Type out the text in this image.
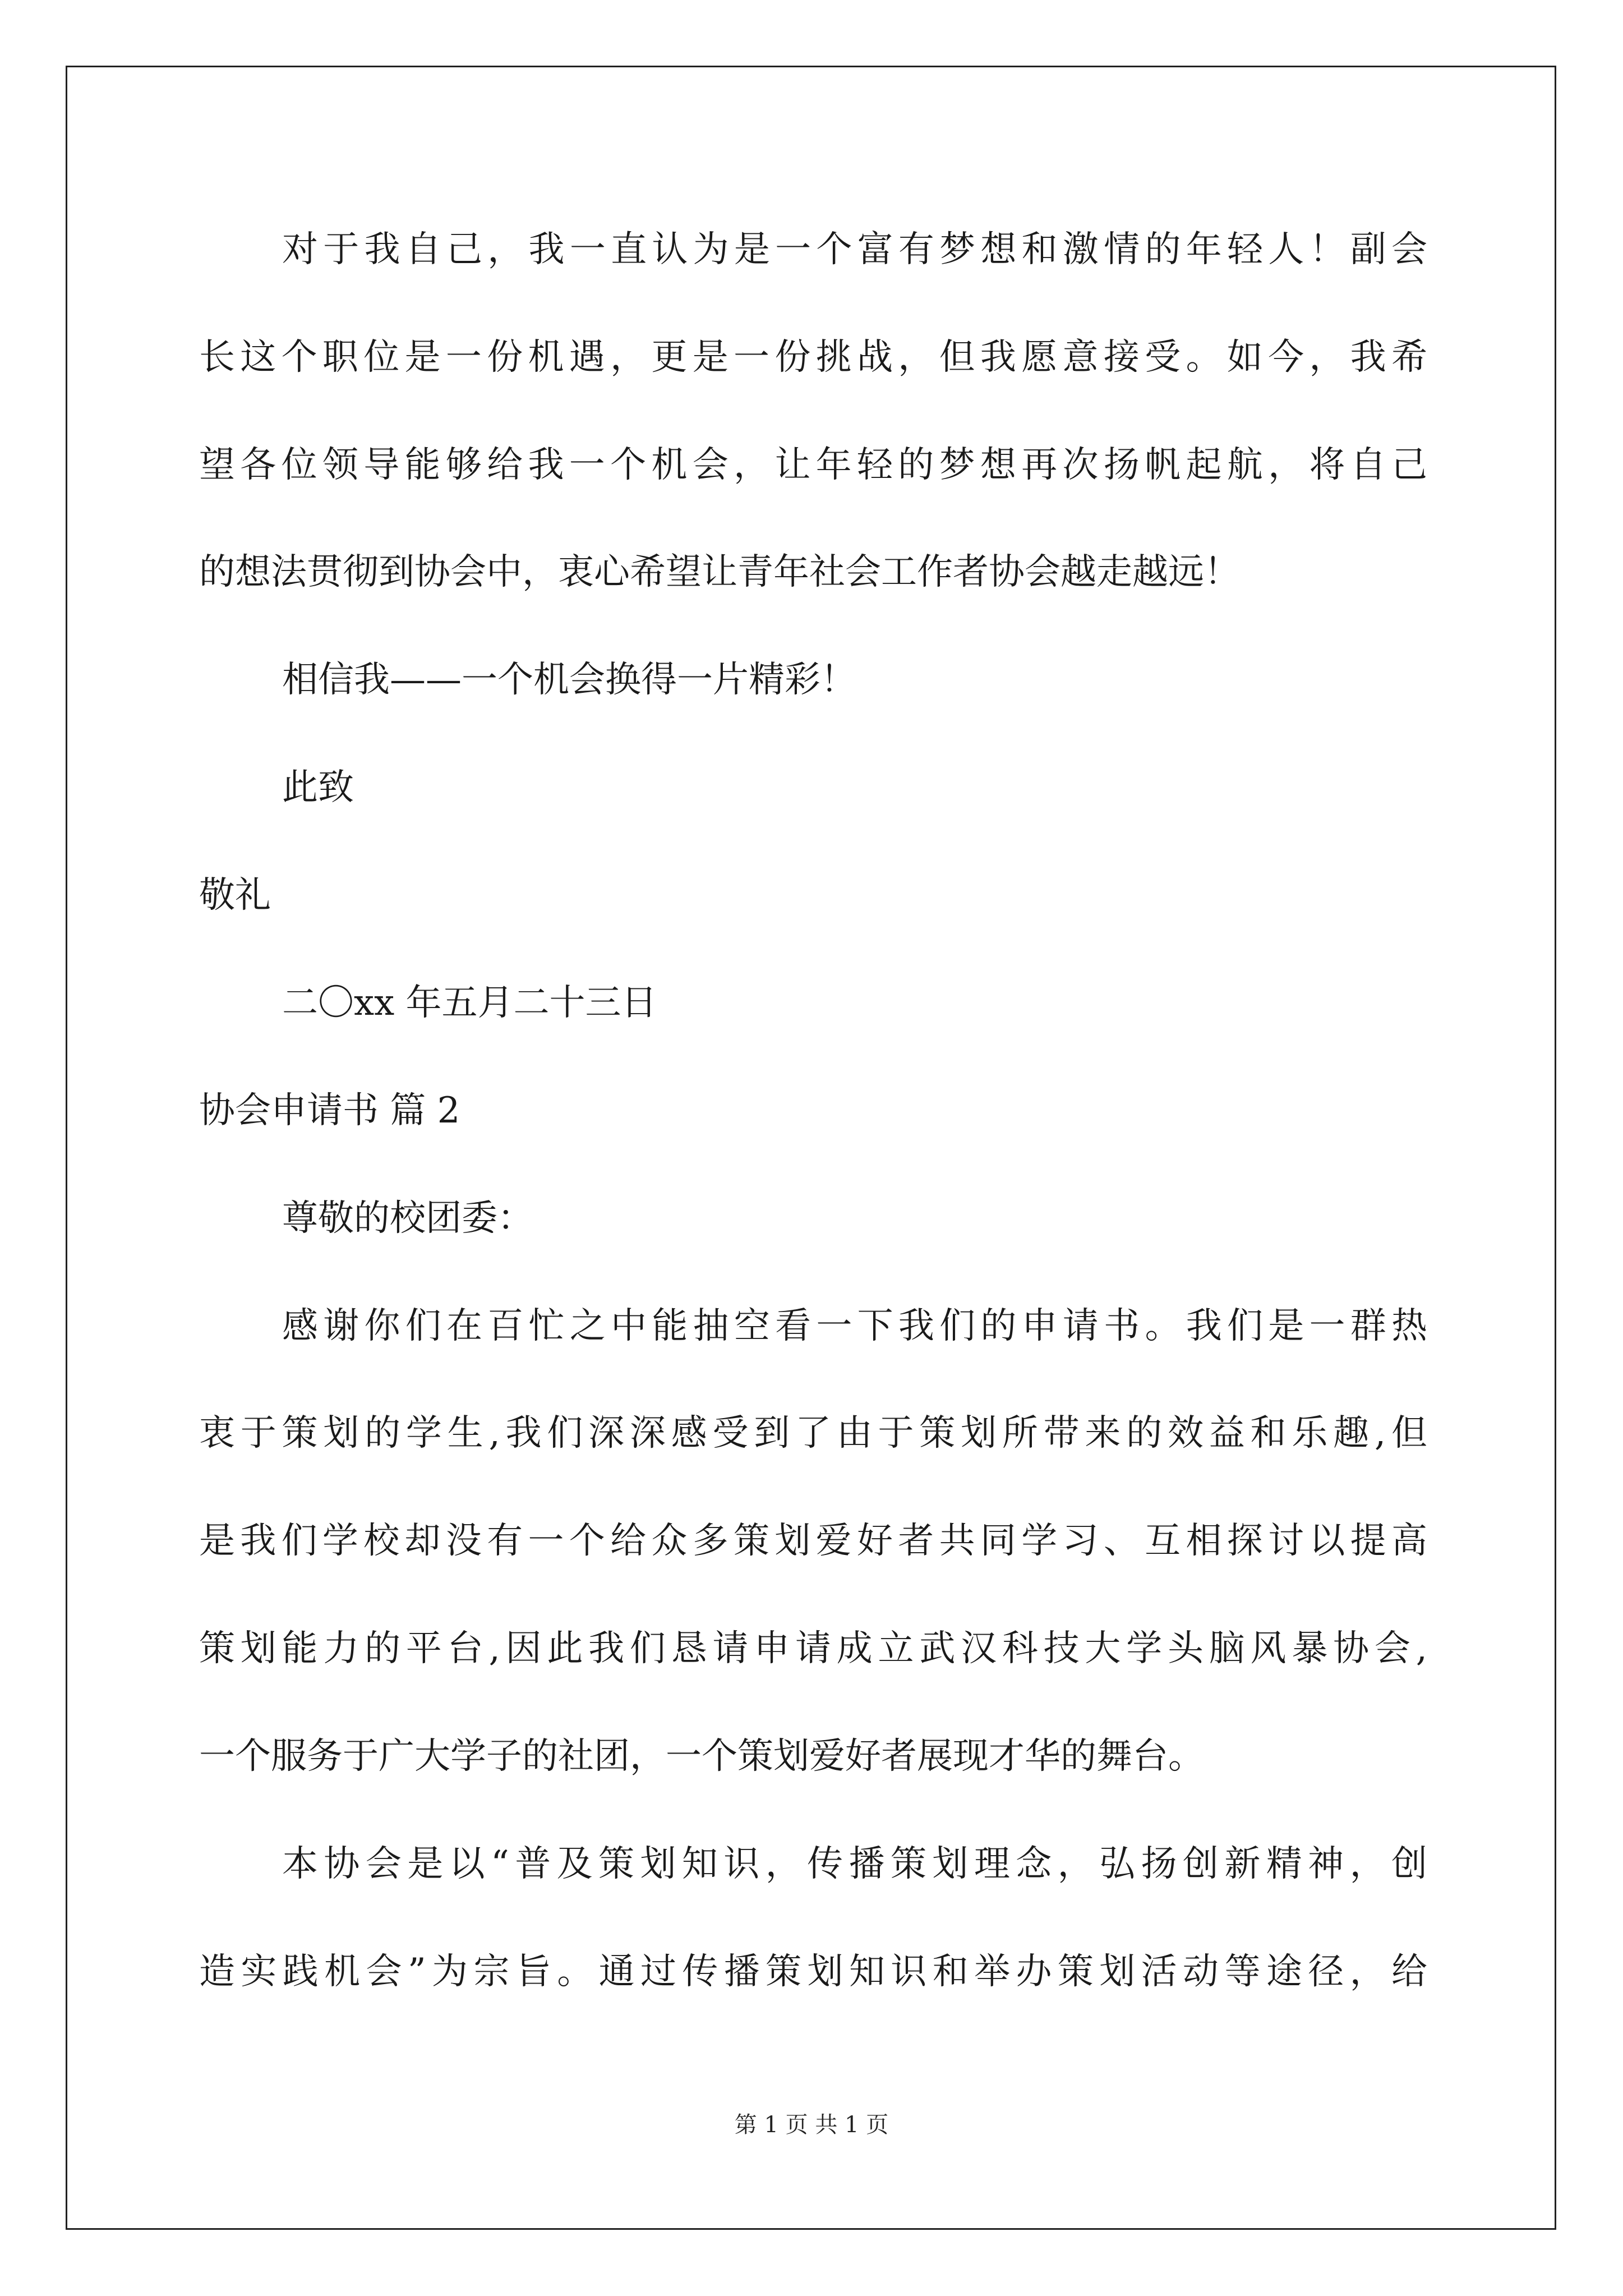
对于我自己，我一直认为是一个富有梦想和激情的年轻人！副会
长这个职位是一份机遇，更是一份挑战，但我愿意接受。如今，我希
望各位领导能够给我一个机会，让年轻的梦想再次扬帆起航，将自己
的想法贯彻到协会中，衷心希望让青年社会工作者协会越走越远！
相信我——一个机会换得一片精彩！
此致
敬礼
二〇xx 年五月二十三日
协会申请书 篇 2
尊敬的校团委：
感谢你们在百忙之中能抽空看一下我们的申请书。我们是一群热
衷于策划的学生,我们深深感受到了由于策划所带来的效益和乐趣,但
是我们学校却没有一个给众多策划爱好者共同学习、互相探讨以提高
策划能力的平台,因此我们恳请申请成立武汉科技大学头脑风暴协会,
一个服务于广大学子的社团，一个策划爱好者展现才华的舞台。
本协会是以“普及策划知识，传播策划理念，弘扬创新精神，创
造实践机会”为宗旨。通过传播策划知识和举办策划活动等途径，给
第 1 页 共 1 页
